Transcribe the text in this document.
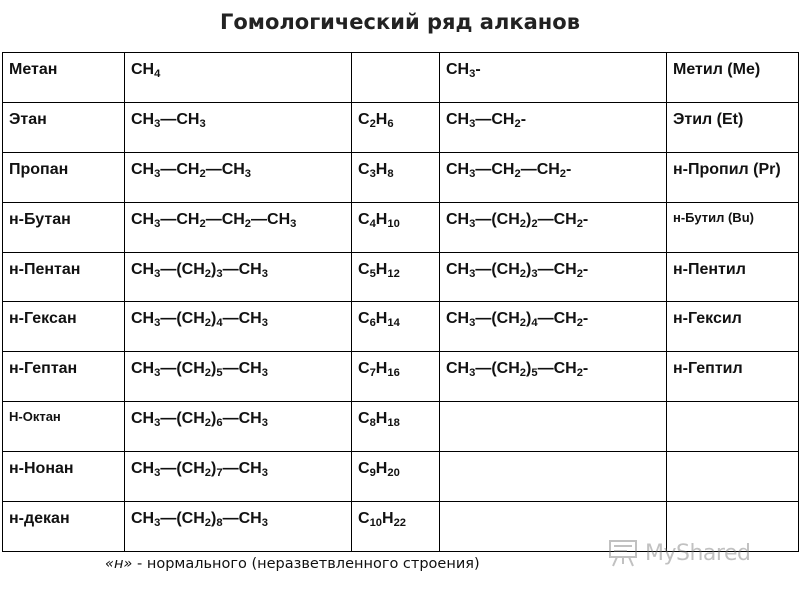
Гомологический ряд алканов
Метан	$CH_4$		$CH_3-$	Метил (Me)
Этан	$CH_3—CH_3$	$C_2H_6$	$CH_3—CH_2-$	Этил (Et)
Пропан	$CH_3—CH_2—CH_3$	$C_3H_8$	$CH_3—CH_2—CH_2-$	н-Пропил (Pr)
н-Бутан	$CH_3—CH_2—CH_2—CH_3$	$C_4H_{10}$	$CH_3—(CH_2)_2—CH_2-$	н-Бутил (Bu)
н-Пентан	$CH_3—(CH_2)_3—CH_3$	$C_5H_{12}$	$CH_3—(CH_2)_3—CH_2-$	н-Пентил
н-Гексан	$CH_3—(CH_2)_4—CH_3$	$C_6H_{14}$	$CH_3—(CH_2)_4—CH_2-$	н-Гексил
н-Гептан	$CH_3—(CH_2)_5—CH_3$	$C_7H_{16}$	$CH_3—(CH_2)_5—CH_2-$	н-Гептил
Н-Октан	$CH_3—(CH_2)_6—CH_3$	$C_8H_{18}$		
н-Нонан	$CH_3—(CH_2)_7—CH_3$	$C_9H_{20}$		
н-декан	$CH_3—(CH_2)_8—CH_3$	$C_{10}H_{22}$		
«н» - нормального (неразветвленного строения)	MyShared
